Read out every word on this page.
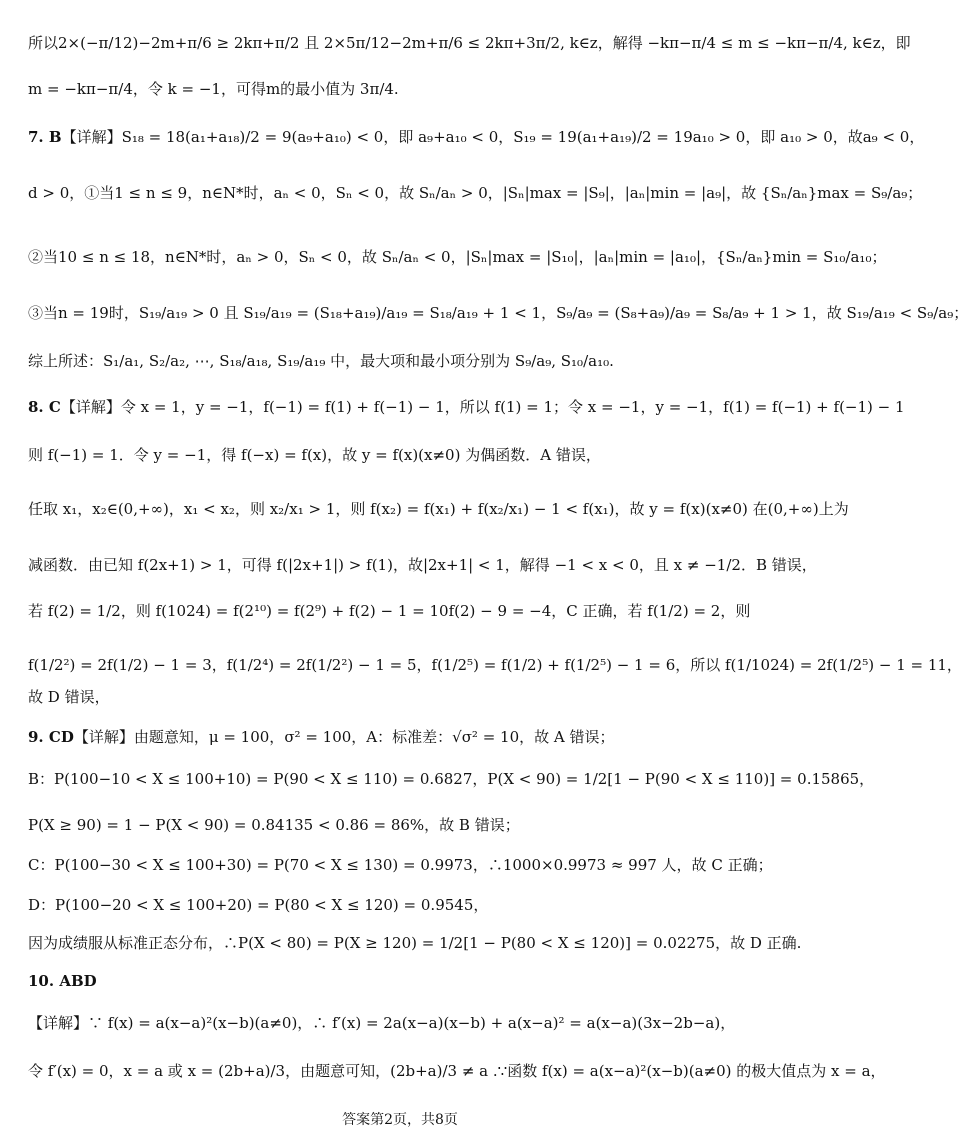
所以2×(−π/12)−2m+π/6 ≥ 2kπ+π/2 且 2×5π/12−2m+π/6 ≤ 2kπ+3π/2, k∈z，解得 −kπ−π/4 ≤ m ≤ −kπ−π/4, k∈z，即
m = −kπ−π/4，令 k = −1，可得m的最小值为 3π/4.
7. B【详解】S₁₈ = 18(a₁+a₁₈)/2 = 9(a₉+a₁₀) < 0，即 a₉+a₁₀ < 0，S₁₉ = 19(a₁+a₁₉)/2 = 19a₁₀ > 0，即 a₁₀ > 0，故a₉ < 0，
d > 0，①当1 ≤ n ≤ 9，n∈N*时，aₙ < 0，Sₙ < 0，故 Sₙ/aₙ > 0，|Sₙ|max = |S₉|，|aₙ|min = |a₉|，故 {Sₙ/aₙ}max = S₉/a₉；
②当10 ≤ n ≤ 18，n∈N*时，aₙ > 0，Sₙ < 0，故 Sₙ/aₙ < 0，|Sₙ|max = |S₁₀|，|aₙ|min = |a₁₀|，{Sₙ/aₙ}min = S₁₀/a₁₀；
③当n = 19时，S₁₉/a₁₉ > 0 且 S₁₉/a₁₉ = (S₁₈+a₁₉)/a₁₉ = S₁₈/a₁₉ + 1 < 1，S₉/a₉ = (S₈+a₉)/a₉ = S₈/a₉ + 1 > 1，故 S₁₉/a₁₉ < S₉/a₉；
综上所述：S₁/a₁, S₂/a₂, ⋯, S₁₈/a₁₈, S₁₉/a₁₉ 中，最大项和最小项分别为 S₉/a₉, S₁₀/a₁₀.
8. C【详解】令 x = 1，y = −1，f(−1) = f(1) + f(−1) − 1，所以 f(1) = 1；令 x = −1，y = −1，f(1) = f(−1) + f(−1) − 1
则 f(−1) = 1．令 y = −1，得 f(−x) = f(x)，故 y = f(x)(x≠0) 为偶函数．A 错误，
任取 x₁，x₂∈(0,+∞)，x₁ < x₂，则 x₂/x₁ > 1，则 f(x₂) = f(x₁) + f(x₂/x₁) − 1 < f(x₁)，故 y = f(x)(x≠0) 在(0,+∞)上为
减函数．由已知 f(2x+1) > 1，可得 f(|2x+1|) > f(1)，故|2x+1| < 1，解得 −1 < x < 0，且 x ≠ −1/2．B 错误，
若 f(2) = 1/2，则 f(1024) = f(2¹⁰) = f(2⁹) + f(2) − 1 = 10f(2) − 9 = −4，C 正确，若 f(1/2) = 2，则
f(1/2²) = 2f(1/2) − 1 = 3，f(1/2⁴) = 2f(1/2²) − 1 = 5，f(1/2⁵) = f(1/2) + f(1/2⁵) − 1 = 6，所以 f(1/1024) = 2f(1/2⁵) − 1 = 11，
故 D 错误，
9. CD【详解】由题意知，μ = 100，σ² = 100，A：标准差：√σ² = 10，故 A 错误；
B：P(100−10 < X ≤ 100+10) = P(90 < X ≤ 110) = 0.6827，P(X < 90) = 1/2[1 − P(90 < X ≤ 110)] = 0.15865，
P(X ≥ 90) = 1 − P(X < 90) = 0.84135 < 0.86 = 86%，故 B 错误；
C：P(100−30 < X ≤ 100+30) = P(70 < X ≤ 130) = 0.9973，∴1000×0.9973 ≈ 997 人，故 C 正确；
D：P(100−20 < X ≤ 100+20) = P(80 < X ≤ 120) = 0.9545，
因为成绩服从标准正态分布，∴P(X < 80) = P(X ≥ 120) = 1/2[1 − P(80 < X ≤ 120)] = 0.02275，故 D 正确.
10. ABD
【详解】∵ f(x) = a(x−a)²(x−b)(a≠0)，∴ f′(x) = 2a(x−a)(x−b) + a(x−a)² = a(x−a)(3x−2b−a)，
令 f′(x) = 0，x = a 或 x = (2b+a)/3，由题意可知，(2b+a)/3 ≠ a .∵函数 f(x) = a(x−a)²(x−b)(a≠0) 的极大值点为 x = a，
答案第2页，共8页
